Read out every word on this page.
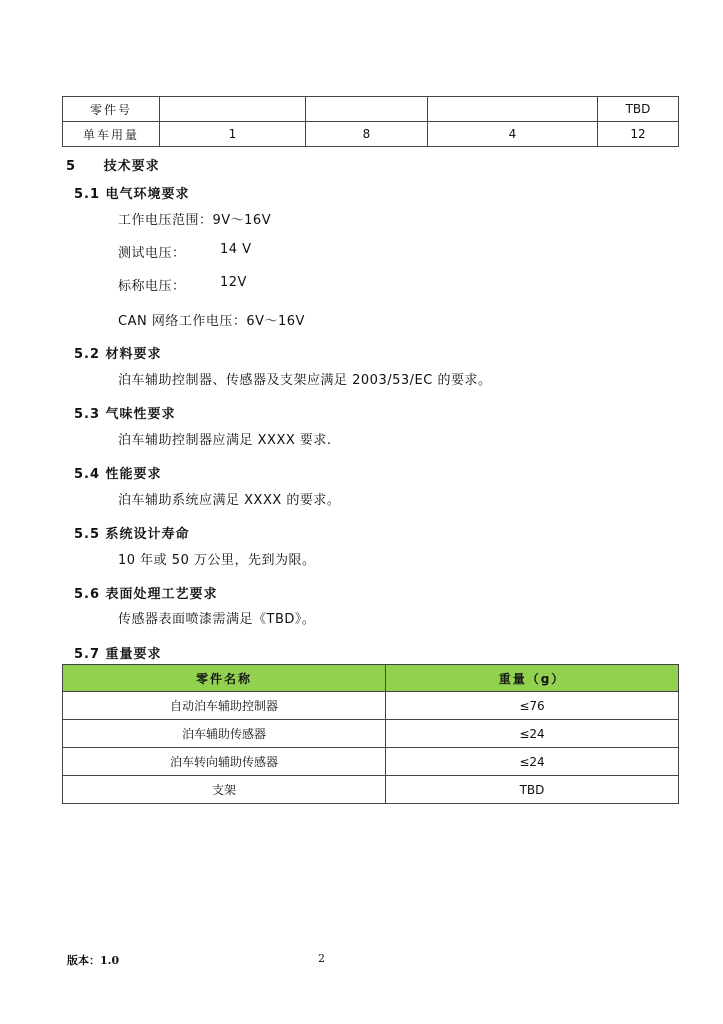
零件号				TBD
单车用量	1	8	4	12
5 技术要求
5.1 电气环境要求
工作电压范围：9V～16V
测试电压：	14 V
标称电压：	12V
CAN 网络工作电压：6V～16V
5.2 材料要求
泊车辅助控制器、传感器及支架应满足 2003/53/EC 的要求。
5.3 气味性要求
泊车辅助控制器应满足 XXXX 要求.
5.4 性能要求
泊车辅助系统应满足 XXXX 的要求。
5.5 系统设计寿命
10 年或 50 万公里，先到为限。
5.6 表面处理工艺要求
传感器表面喷漆需满足《TBD》。
5.7 重量要求
零件名称	重量（g）
自动泊车辅助控制器	≤76
泊车辅助传感器	≤24
泊车转向辅助传感器	≤24
支架	TBD
版本：1.0	2
